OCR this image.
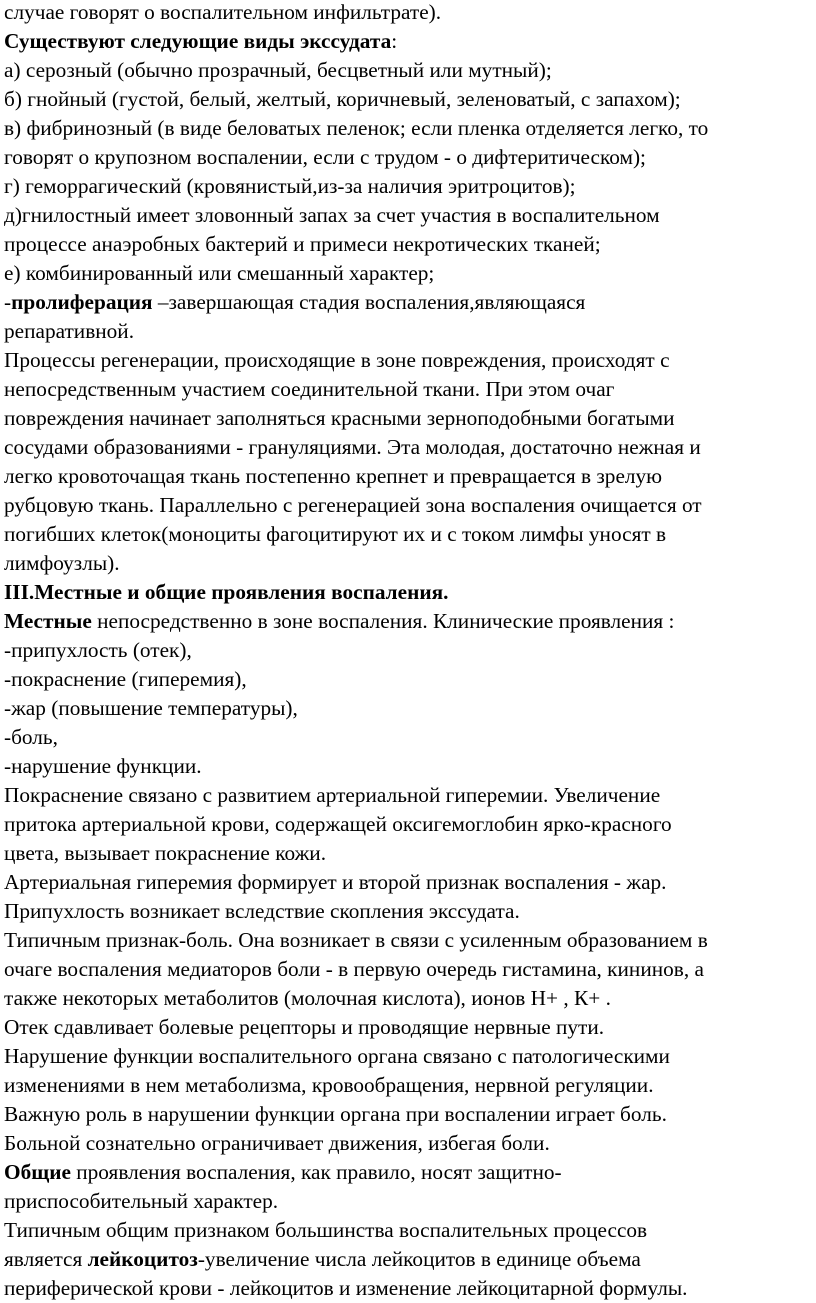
случае говорят о воспалительном инфильтрате).
Существуют следующие виды экссудата:
а) серозный (обычно прозрачный, бесцветный или мутный);
б) гнойный (густой, белый, желтый, коричневый, зеленоватый, с запахом);
в) фибринозный (в виде беловатых пеленок; если пленка отделяется легко, то
говорят о крупозном воспалении, если с трудом - о дифтеритическом);
г) геморрагический (кровянистый,из-за наличия эритроцитов);
д)гнилостный имеет зловонный запах за счет участия в воспалительном
процессе анаэробных бактерий и примеси некротических тканей;
е) комбинированный или смешанный характер;
-пролиферация –завершающая стадия воспаления,являющаяся
репаративной.
Процессы регенерации, происходящие в зоне повреждения, происходят с
непосредственным участием соединительной ткани. При этом очаг
повреждения начинает заполняться красными зерноподобными богатыми
сосудами образованиями - грануляциями. Эта молодая, достаточно нежная и
легко кровоточащая ткань постепенно крепнет и превращается в зрелую
рубцовую ткань. Параллельно с регенерацией зона воспаления очищается от
погибших клеток(моноциты фагоцитируют их и с током лимфы уносят в
лимфоузлы).
III.Местные и общие проявления воспаления.
Местные непосредственно в зоне воспаления. Клинические проявления :
-припухлость (отек),
-покраснение (гиперемия),
-жар (повышение температуры),
-боль,
-нарушение функции.
Покраснение связано с развитием артериальной гиперемии. Увеличение
притока артериальной крови, содержащей оксигемоглобин ярко-красного
цвета, вызывает покраснение кожи.
Артериальная гиперемия формирует и второй признак воспаления - жар.
Припухлость возникает вследствие скопления экссудата.
Типичным признак-боль. Она возникает в связи с усиленным образованием в
очаге воспаления медиаторов боли - в первую очередь гистамина, кининов, а
также некоторых метаболитов (молочная кислота), ионов Н+ , К+ .
Отек сдавливает болевые рецепторы и проводящие нервные пути.
Нарушение функции воспалительного органа связано с патологическими
изменениями в нем метаболизма, кровообращения, нервной регуляции.
Важную роль в нарушении функции органа при воспалении играет боль.
Больной сознательно ограничивает движения, избегая боли.
Общие проявления воспаления, как правило, носят защитно-
приспособительный характер.
Типичным общим признаком большинства воспалительных процессов
является лейкоцитоз-увеличение числа лейкоцитов в единице объема
периферической крови - лейкоцитов и изменение лейкоцитарной формулы.
